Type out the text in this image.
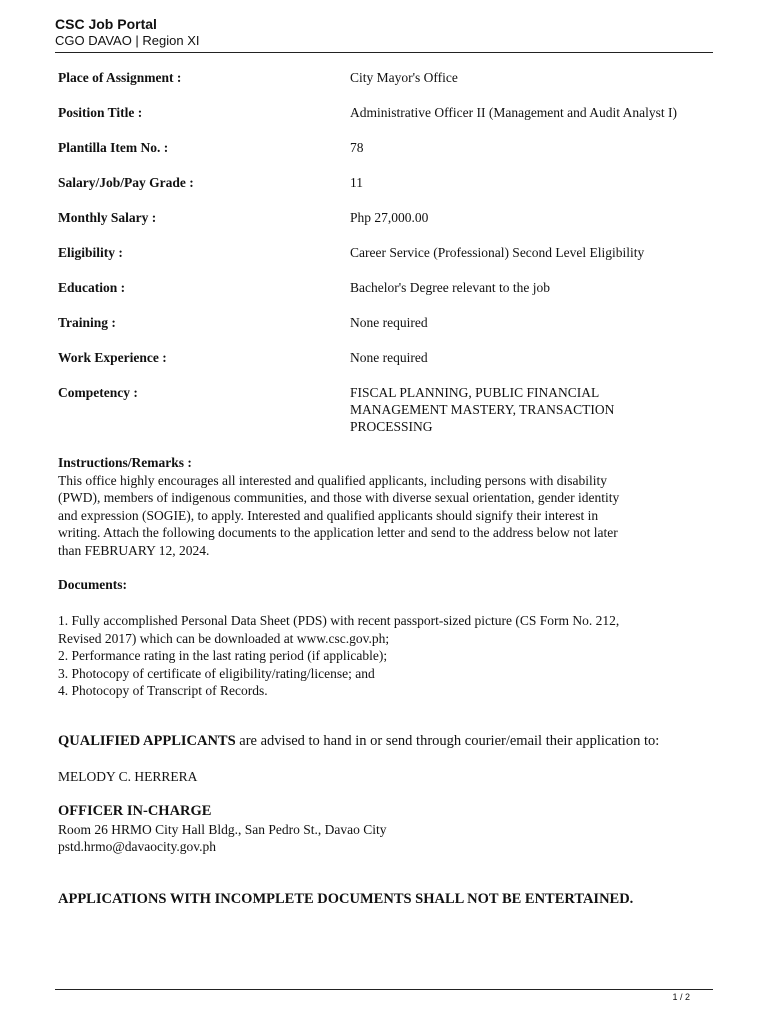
CSC Job Portal
CGO DAVAO | Region XI
Place of Assignment :	City Mayor's Office
Position Title :	Administrative Officer II (Management and Audit Analyst I)
Plantilla Item No. :	78
Salary/Job/Pay Grade :	11
Monthly Salary :	Php 27,000.00
Eligibility :	Career Service (Professional) Second Level Eligibility
Education :	Bachelor's Degree relevant to the job
Training :	None required
Work Experience :	None required
Competency :	FISCAL PLANNING, PUBLIC FINANCIAL
MANAGEMENT MASTERY, TRANSACTION
PROCESSING
Instructions/Remarks :
This office highly encourages all interested and qualified applicants, including persons with disability
(PWD), members of indigenous communities, and those with diverse sexual orientation, gender identity
and expression (SOGIE), to apply. Interested and qualified applicants should signify their interest in
writing. Attach the following documents to the application letter and send to the address below not later
than FEBRUARY 12, 2024.
Documents:
1. Fully accomplished Personal Data Sheet (PDS) with recent passport-sized picture (CS Form No. 212,
Revised 2017) which can be downloaded at www.csc.gov.ph;
2. Performance rating in the last rating period (if applicable);
3. Photocopy of certificate of eligibility/rating/license; and
4. Photocopy of Transcript of Records.
QUALIFIED APPLICANTS are advised to hand in or send through courier/email their application to:
MELODY C. HERRERA
OFFICER IN-CHARGE
Room 26 HRMO City Hall Bldg., San Pedro St., Davao City
pstd.hrmo@davaocity.gov.ph
APPLICATIONS WITH INCOMPLETE DOCUMENTS SHALL NOT BE ENTERTAINED.
1 / 2
